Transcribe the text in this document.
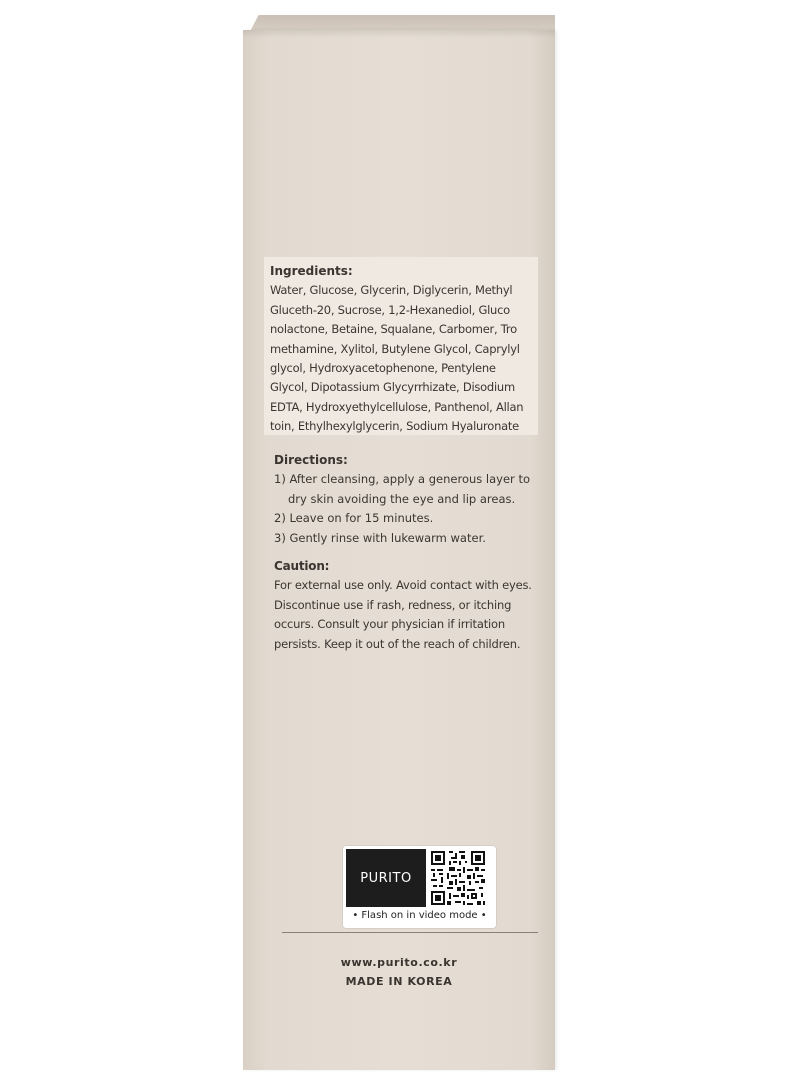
Ingredients:
Water, Glucose, Glycerin, Diglycerin, Methyl
Gluceth-20, Sucrose, 1,2-Hexanediol, Gluco
nolactone, Betaine, Squalane, Carbomer, Tro
methamine, Xylitol, Butylene Glycol, Caprylyl
glycol, Hydroxyacetophenone, Pentylene
Glycol, Dipotassium Glycyrrhizate, Disodium
EDTA, Hydroxyethylcellulose, Panthenol, Allan
toin, Ethylhexylglycerin, Sodium Hyaluronate
Directions:
1) After cleansing, apply a generous layer to dry skin avoiding the eye and lip areas.
2) Leave on for 15 minutes.
3) Gently rinse with lukewarm water.
Caution:
For external use only. Avoid contact with eyes.
Discontinue use if rash, redness, or itching
occurs. Consult your physician if irritation
persists. Keep it out of the reach of children.
PURITO
• Flash on in video mode •
www.purito.co.kr
MADE IN KOREA
